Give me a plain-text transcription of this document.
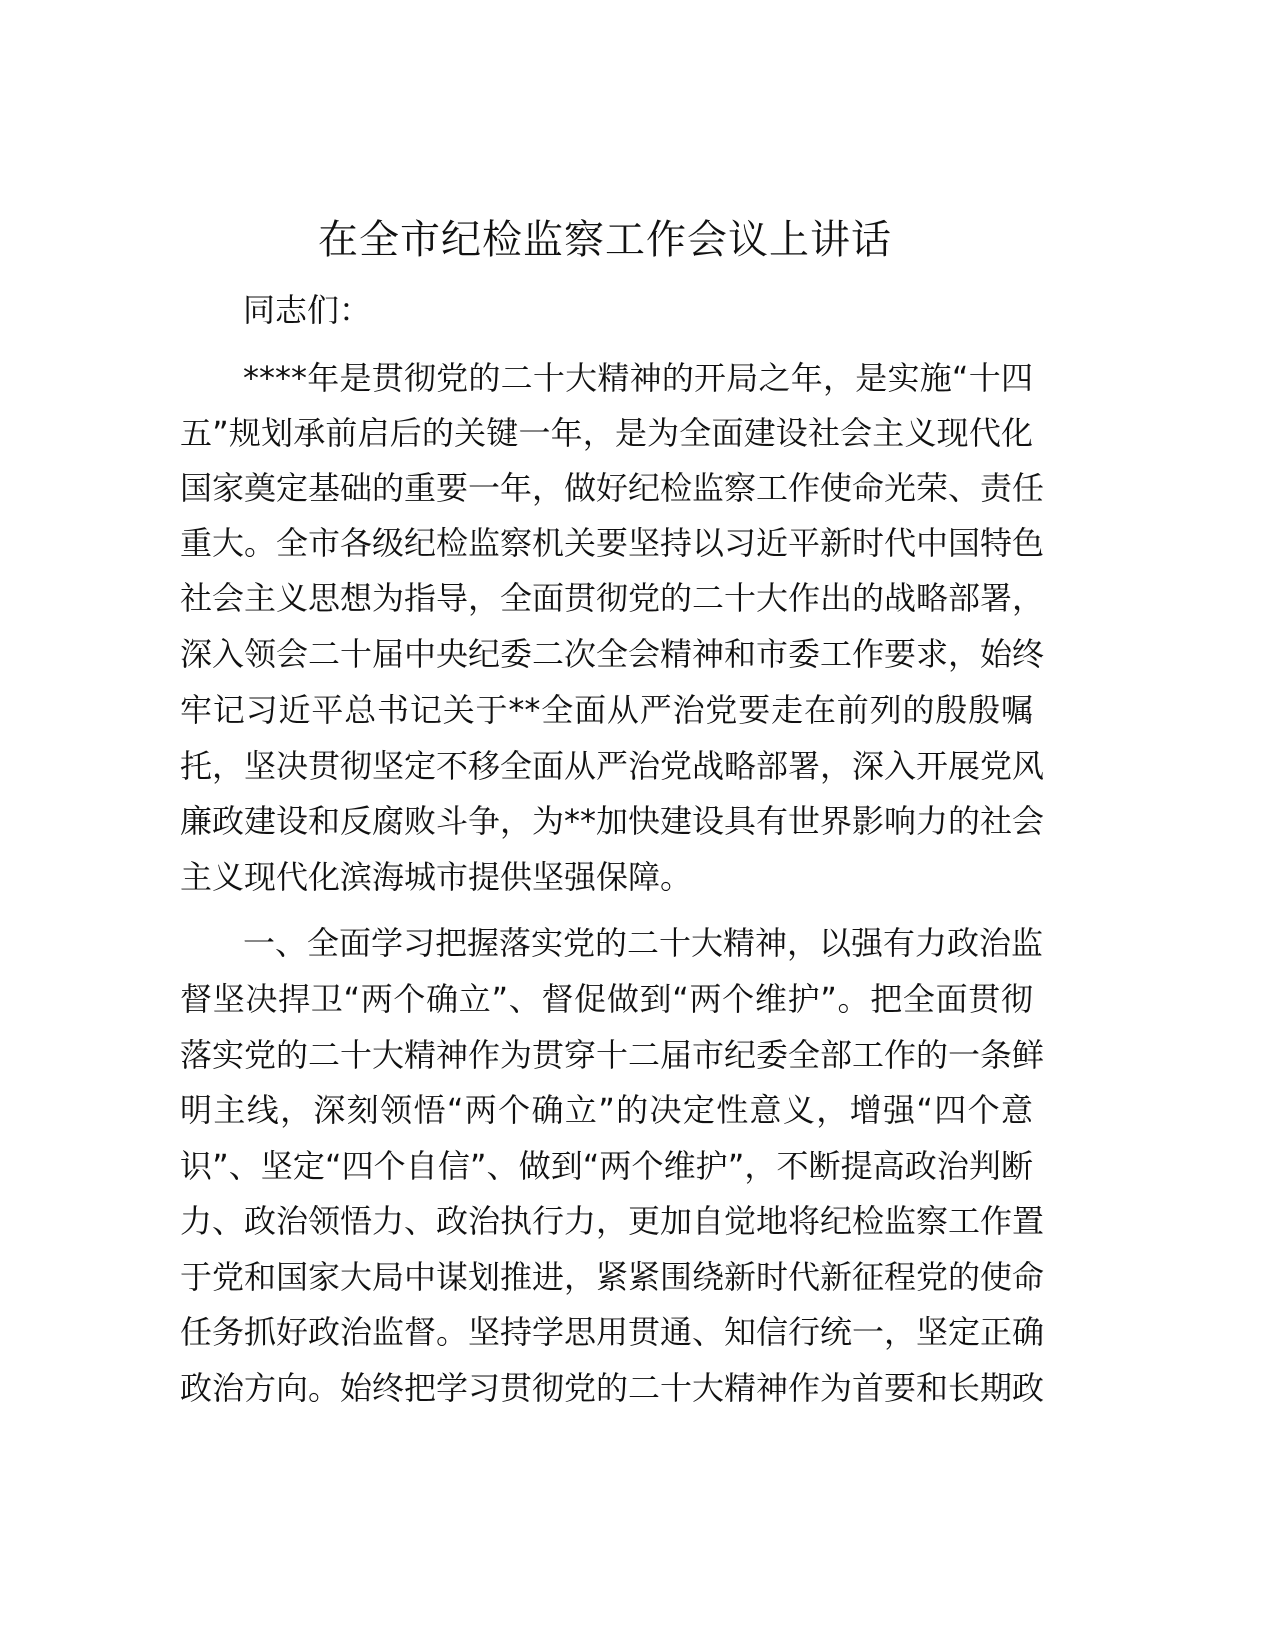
在全市纪检监察工作会议上讲话
同志们：
****年是贯彻党的二十大精神的开局之年，是实施“十四
五”规划承前启后的关键一年，是为全面建设社会主义现代化
国家奠定基础的重要一年，做好纪检监察工作使命光荣、责任
重大。全市各级纪检监察机关要坚持以习近平新时代中国特色
社会主义思想为指导，全面贯彻党的二十大作出的战略部署，
深入领会二十届中央纪委二次全会精神和市委工作要求，始终
牢记习近平总书记关于**全面从严治党要走在前列的殷殷嘱
托，坚决贯彻坚定不移全面从严治党战略部署，深入开展党风
廉政建设和反腐败斗争，为**加快建设具有世界影响力的社会
主义现代化滨海城市提供坚强保障。
一、全面学习把握落实党的二十大精神，以强有力政治监
督坚决捍卫“两个确立”、督促做到“两个维护”。把全面贯彻
落实党的二十大精神作为贯穿十二届市纪委全部工作的一条鲜
明主线，深刻领悟“两个确立”的决定性意义，增强“四个意
识”、坚定“四个自信”、做到“两个维护”，不断提高政治判断
力、政治领悟力、政治执行力，更加自觉地将纪检监察工作置
于党和国家大局中谋划推进，紧紧围绕新时代新征程党的使命
任务抓好政治监督。坚持学思用贯通、知信行统一，坚定正确
政治方向。始终把学习贯彻党的二十大精神作为首要和长期政
